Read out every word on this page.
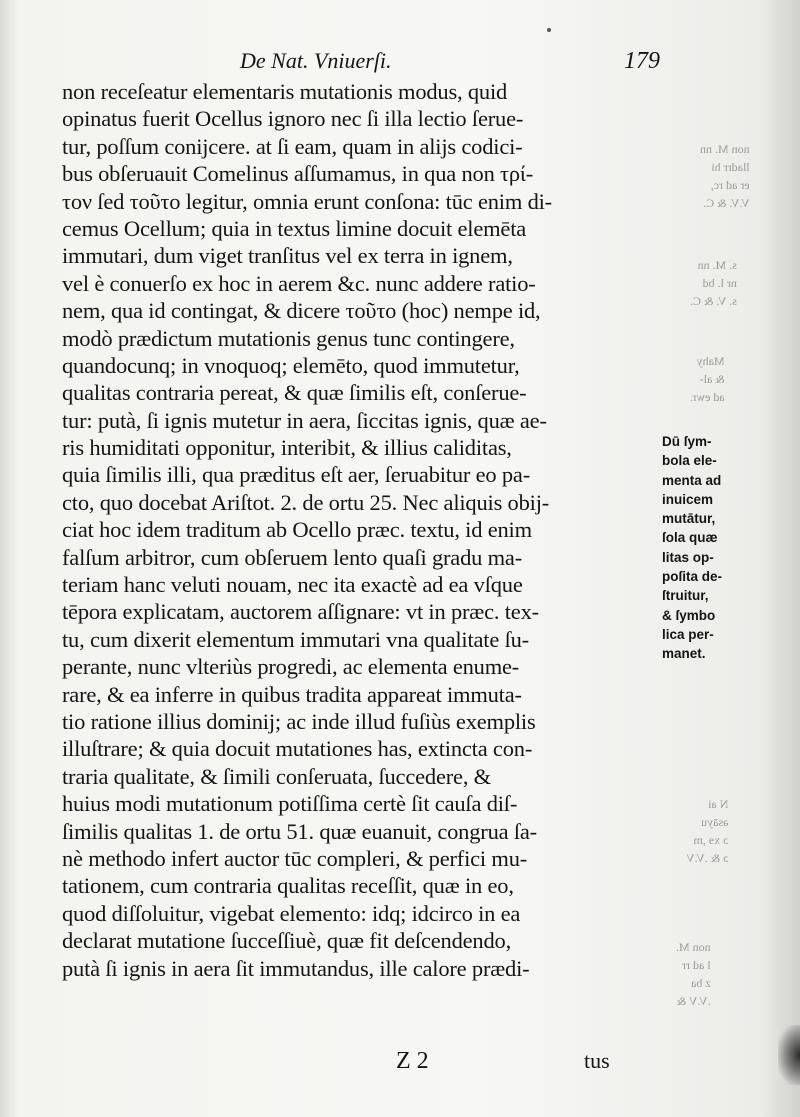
De Nat. Vniuerſi.	179
non receſeatur elementaris mutationis modus, quid
opinatus fuerit Ocellus ignoro nec ſi illa lectio ſerue-
tur, poſſum conijcere. at ſi eam, quam in alijs codici-
bus obſeruauit Comelinus aſſumamus, in qua non τρί-
τον ſed τοῦτο legitur, omnia erunt conſona: tūc enim di-
cemus Ocellum; quia in textus limine docuit elemēta
immutari, dum viget tranſitus vel ex terra in ignem,
vel è conuerſo ex hoc in aerem &c. nunc addere ratio-
nem, qua id contingat, & dicere τοῦτο (hoc) nempe id,
modò prædictum mutationis genus tunc contingere,
quandocunq; in vnoquoq; elemēto, quod immutetur,
qualitas contraria pereat, & quæ ſimilis eſt, conſerue-
tur: putà, ſi ignis mutetur in aera, ſiccitas ignis, quæ ae-
ris humiditati opponitur, interibit, & illius caliditas,
quia ſimilis illi, qua præditus eſt aer, ſeruabitur eo pa-
cto, quo docebat Ariſtot. 2. de ortu 25. Nec aliquis obij-
ciat hoc idem traditum ab Ocello præc. textu, id enim
falſum arbitror, cum obſeruem lento quaſi gradu ma-
teriam hanc veluti nouam, nec ita exactè ad ea vſque
tēpora explicatam, auctorem aſſignare: vt in præc. tex-
tu, cum dixerit elementum immutari vna qualitate ſu-
perante, nunc vlteriùs progredi, ac elementa enume-
rare, & ea inferre in quibus tradita appareat immuta-
tio ratione illius dominij; ac inde illud fuſiùs exemplis
illuſtrare; & quia docuit mutationes has, extincta con-
traria qualitate, & ſimili conſeruata, ſuccedere, &
huius modi mutationum potiſſima certè ſit cauſa diſ-
ſimilis qualitas 1. de ortu 51. quæ euanuit, congrua ſa-
nè methodo infert auctor tūc compleri, & perfici mu-
tationem, cum contraria qualitas receſſit, quæ in eo,
quod diſſoluitur, vigebat elemento: idq; idcirco in ea
declarat mutatione ſucceſſiuè, quæ fit deſcendendo,
putà ſi ignis in aera ſit immutandus, ille calore prædi-
Dū ſym-
bola ele-
menta ad
inuicem
mutātur,
ſola quæ
litas op-
poſita de-
ſtruitur,
& ſymbo
lica per-
manet.
non M. nn
lladrr hi
er ad rc,
V.V. & C.
s. M. nn
nr l. bd
s. V. & C.
Mahy
& al-
ad ewr.
N ai
ǝsāyu
ɔ xɘ ,m
ɔ & .V.V
non M.
l ad rr
z ba
.V.V &
Z 2	tus
